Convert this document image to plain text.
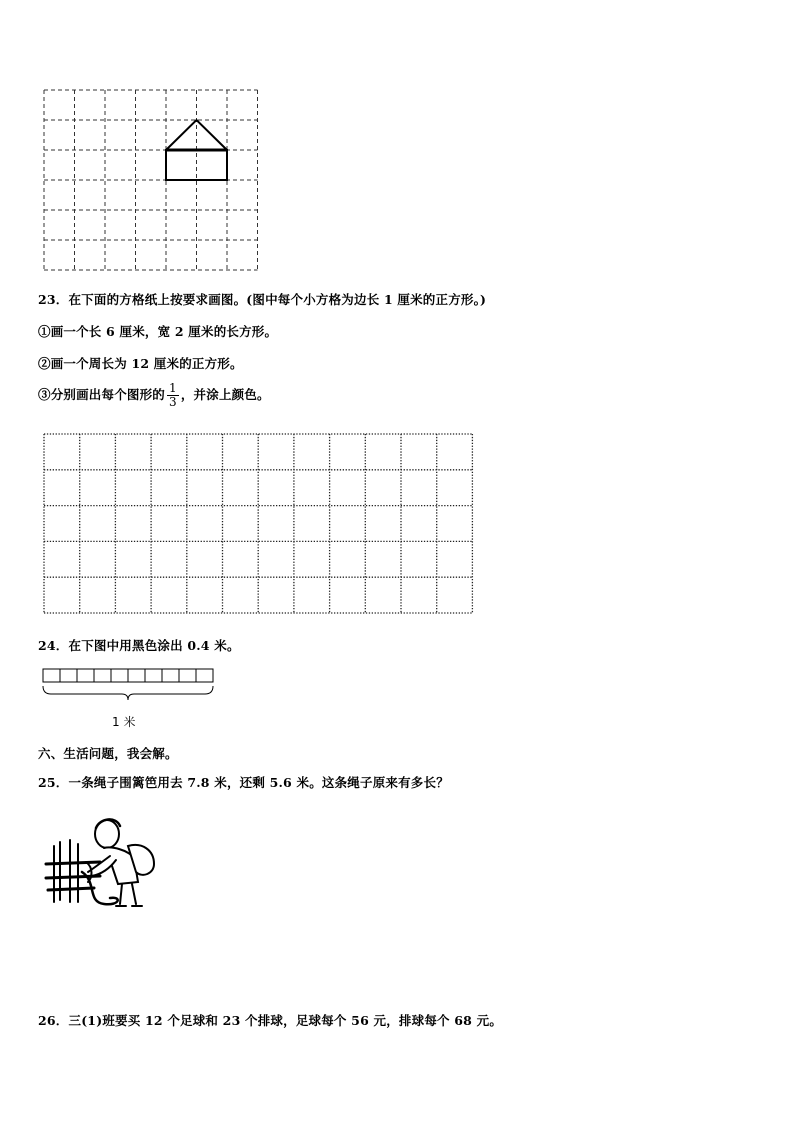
23．在下面的方格纸上按要求画图。(图中每个小方格为边长 1 厘米的正方形。)
①画一个长 6 厘米，宽 2 厘米的长方形。
②画一个周长为 12 厘米的正方形。
③分别画出每个图形的 $\frac{1}{3}$ ，并涂上颜色。
24．在下图中用黑色涂出 0.4 米。
1 米
六、生活问题，我会解。
25．一条绳子围篱笆用去 7.8 米，还剩 5.6 米。这条绳子原来有多长？
26．三(1)班要买 12 个足球和 23 个排球，足球每个 56 元，排球每个 68 元。
